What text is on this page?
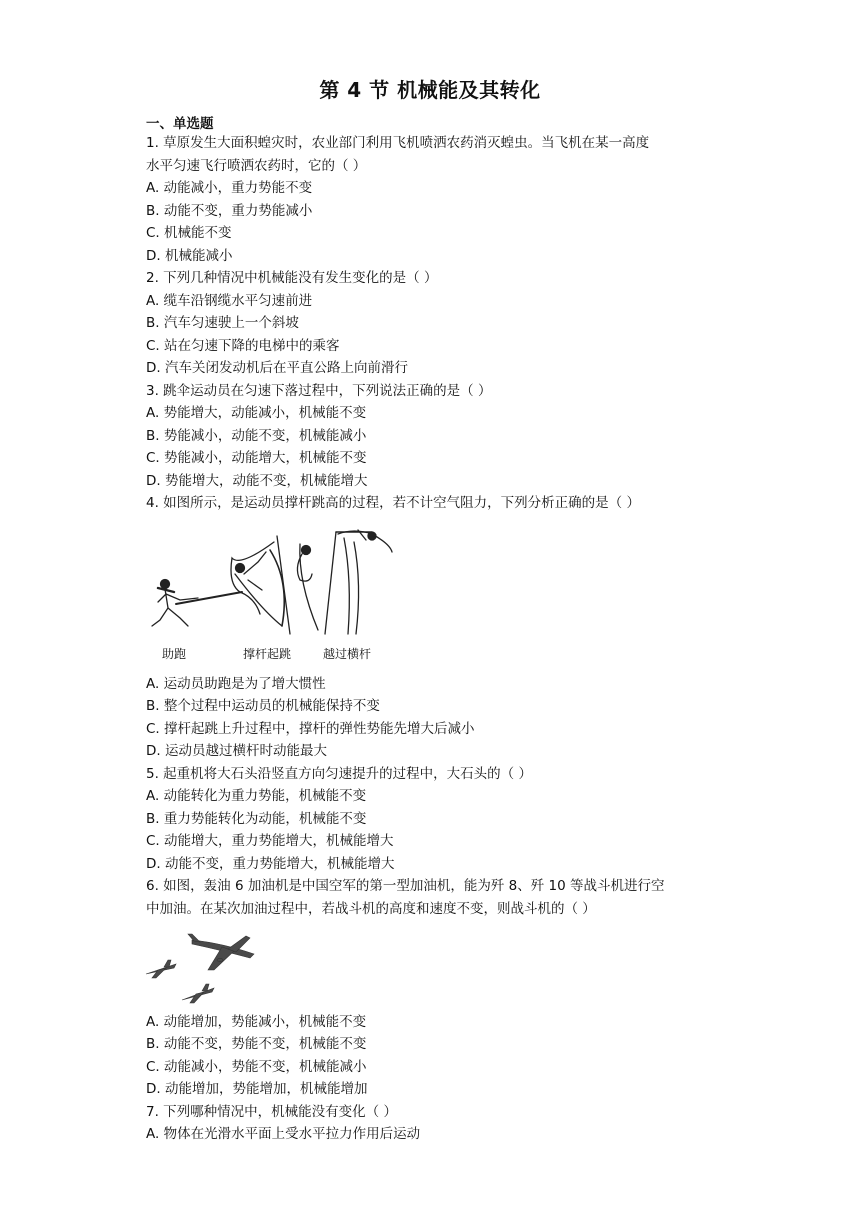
第 4 节 机械能及其转化
一、单选题
1. 草原发生大面积蝗灾时，农业部门利用飞机喷洒农药消灭蝗虫。当飞机在某一高度
水平匀速飞行喷洒农药时，它的（ ）
A. 动能减小，重力势能不变
B. 动能不变，重力势能减小
C. 机械能不变
D. 机械能减小
2. 下列几种情况中机械能没有发生变化的是（ ）
A. 缆车沿钢缆水平匀速前进
B. 汽车匀速驶上一个斜坡
C. 站在匀速下降的电梯中的乘客
D. 汽车关闭发动机后在平直公路上向前滑行
3. 跳伞运动员在匀速下落过程中，下列说法正确的是（ ）
A. 势能增大，动能减小，机械能不变
B. 势能减小，动能不变，机械能减小
C. 势能减小，动能增大，机械能不变
D. 势能增大，动能不变，机械能增大
4. 如图所示，是运动员撑杆跳高的过程，若不计空气阻力，下列分析正确的是（ ）
助跑	撑杆起跳	越过横杆
A. 运动员助跑是为了增大惯性
B. 整个过程中运动员的机械能保持不变
C. 撑杆起跳上升过程中，撑杆的弹性势能先增大后减小
D. 运动员越过横杆时动能最大
5. 起重机将大石头沿竖直方向匀速提升的过程中，大石头的（ ）
A. 动能转化为重力势能，机械能不变
B. 重力势能转化为动能，机械能不变
C. 动能增大，重力势能增大，机械能增大
D. 动能不变，重力势能增大，机械能增大
6. 如图，轰油 6 加油机是中国空军的第一型加油机，能为歼 8、歼 10 等战斗机进行空
中加油。在某次加油过程中，若战斗机的高度和速度不变，则战斗机的（ ）
A. 动能增加，势能减小，机械能不变
B. 动能不变，势能不变，机械能不变
C. 动能减小，势能不变，机械能减小
D. 动能增加，势能增加，机械能增加
7. 下列哪种情况中，机械能没有变化（ ）
A. 物体在光滑水平面上受水平拉力作用后运动
